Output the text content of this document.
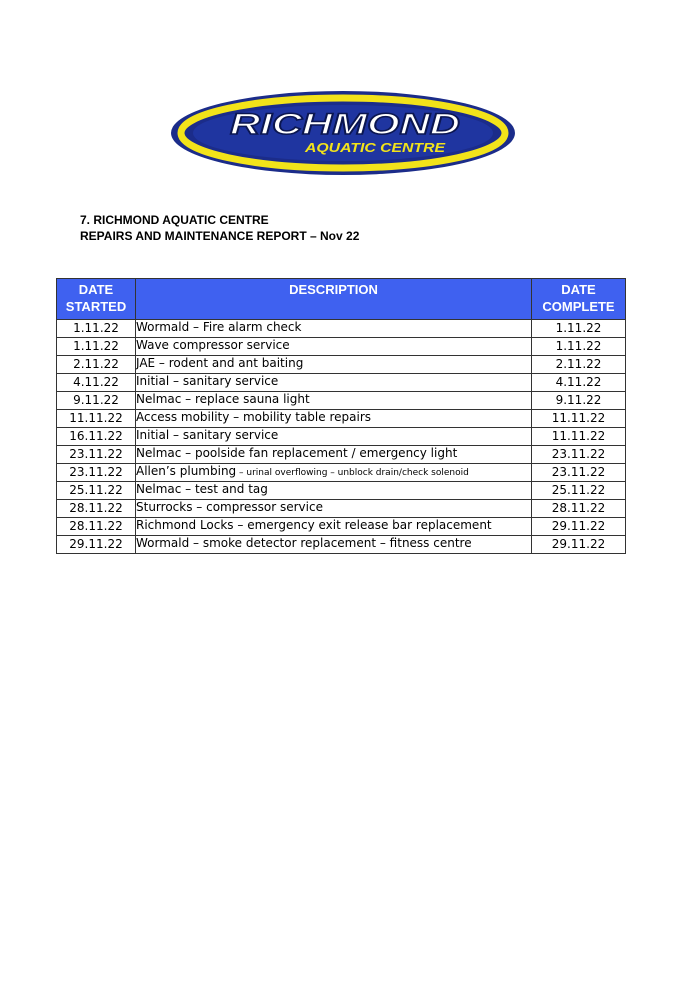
RICHMOND
AQUATIC CENTRE
7. RICHMOND AQUATIC CENTRE
REPAIRS AND MAINTENANCE REPORT – Nov 22
DATE
STARTED	DESCRIPTION	DATE
COMPLETE

1.11.22	Wormald – Fire alarm check	1.11.22
1.11.22	Wave compressor service	1.11.22
2.11.22	JAE – rodent and ant baiting	2.11.22
4.11.22	Initial – sanitary service	4.11.22
9.11.22	Nelmac – replace sauna light	9.11.22
11.11.22	Access mobility – mobility table repairs	11.11.22
16.11.22	Initial – sanitary service	11.11.22
23.11.22	Nelmac – poolside fan replacement / emergency light	23.11.22
23.11.22	Allen’s plumbing – urinal overflowing – unblock drain/check solenoid	23.11.22
25.11.22	Nelmac – test and tag	25.11.22
28.11.22	Sturrocks – compressor service	28.11.22
28.11.22	Richmond Locks – emergency exit release bar replacement	29.11.22
29.11.22	Wormald – smoke detector replacement – fitness centre	29.11.22
